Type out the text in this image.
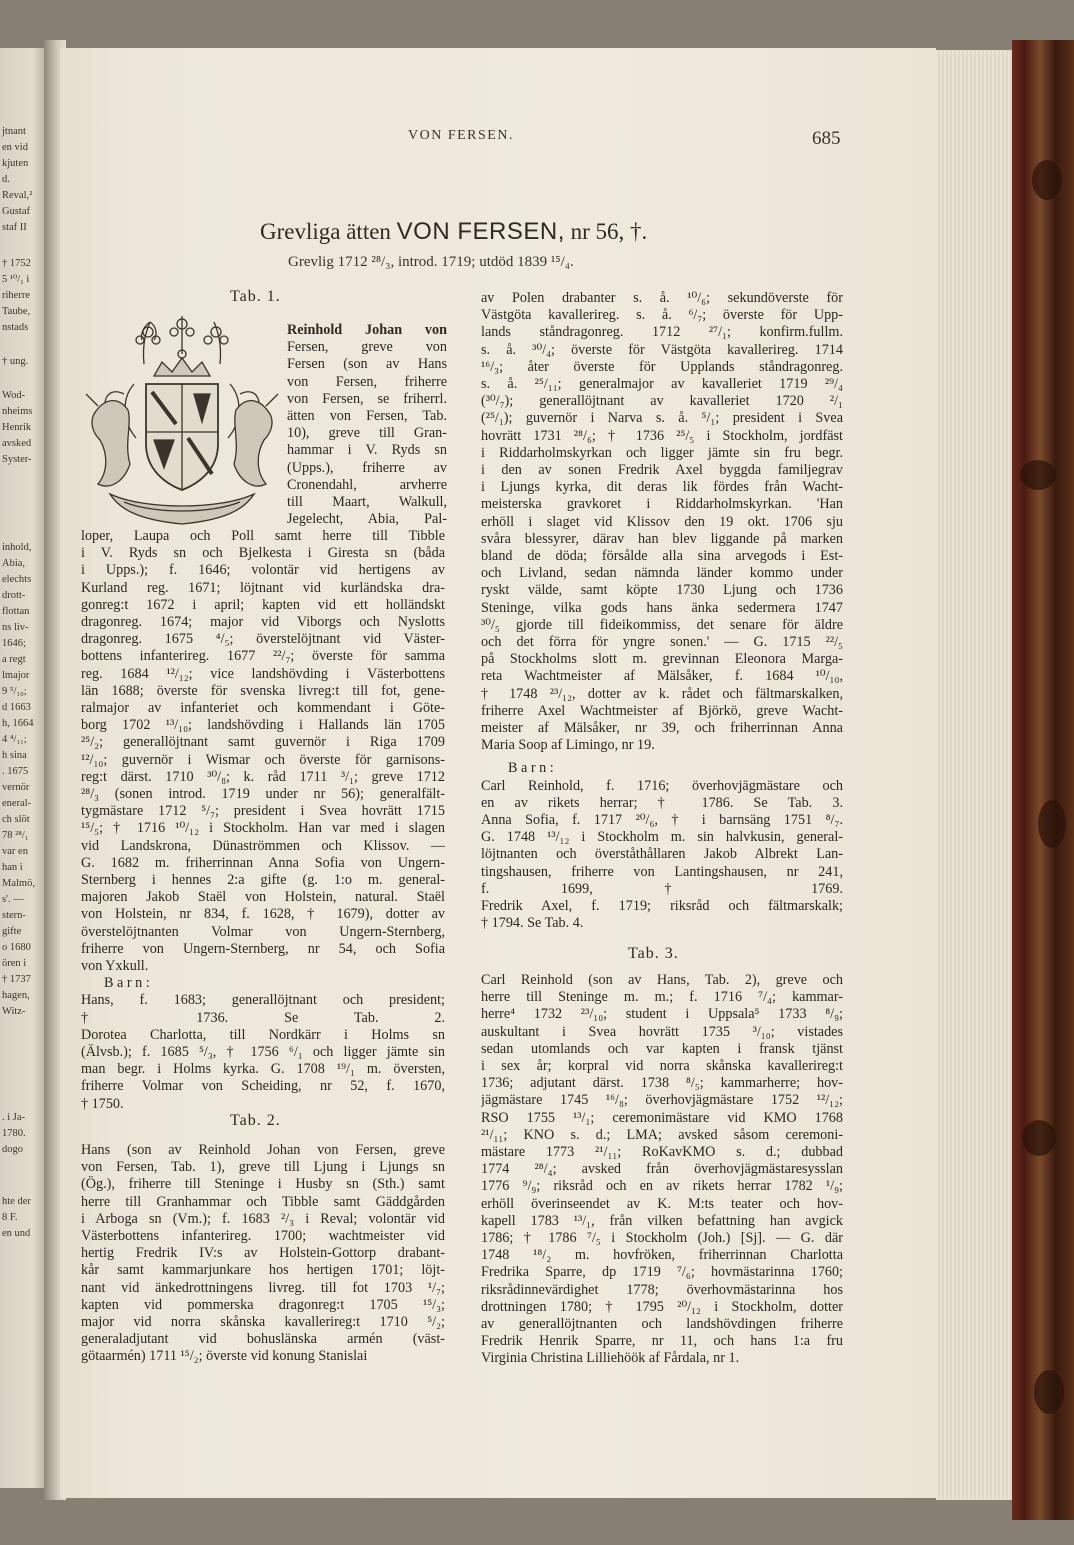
jtnant
en vid
kjuten
d.
Reval,²
Gustaf
staf II
† 1752
5 ¹⁰/₁ i
riherre
Taube,
nstads
† ung.
Wod-
nheims
Henrik
avsked
Syster-
inhold,
Abia,
elechts
drott-
flottan
ns liv-
1646;
a regt
lmajor
9 ⁵/₁₀;
d 1663
h, 1664
4 ⁴/₁₁;
h sina
. 1675
vernör
eneral-
ch slöt
78 ²⁸/₁
var en
han i
Malmö,
s'. —
stern-
gifte
o 1680
ören i
† 1737
hagen,
Witz-
. i Ja-
1780.
dogo
hte der
8 F.
en und
VON FERSEN.	685
Grevliga ätten VON FERSEN, nr 56, †.
Grevlig 1712 ²⁸/₃, introd. 1719; utdöd 1839 ¹⁵/₄.
Tab. 1.
Reinhold Johan von
Fersen, greve von
Fersen (son av Hans
von Fersen, friherre
von Fersen, se friherrl.
ätten von Fersen, Tab.
10), greve till Gran-
hammar i V. Ryds sn
(Upps.), friherre av
Cronendahl, arvherre
till Maart, Walkull,
Jegelecht, Abia, Pal-
loper, Laupa och Poll samt herre till Tibble
i V. Ryds sn och Bjelkesta i Giresta sn (båda
i Upps.); f. 1646; volontär vid hertigens av
Kurland reg. 1671; löjtnant vid kurländska dra-
gonreg:t 1672 i april; kapten vid ett holländskt
dragonreg. 1674; major vid Viborgs och Nyslotts
dragonreg. 1675 ⁴/₅; överstelöjtnant vid Väster-
bottens infanterireg. 1677 ²²/₇; överste för samma
reg. 1684 ¹²/₁₂; vice landshövding i Västerbottens
län 1688; överste för svenska livreg:t till fot, gene-
ralmajor av infanteriet och kommendant i Göte-
borg 1702 ¹³/₁₀; landshövding i Hallands län 1705
²⁵/₂; generallöjtnant samt guvernör i Riga 1709
¹²/₁₀; guvernör i Wismar och överste för garnisons-
reg:t därst. 1710 ³⁰/₈; k. råd 1711 ³/₁; greve 1712
²⁸/₃ (sonen introd. 1719 under nr 56); generalfält-
tygmästare 1712 ⁵/₇; president i Svea hovrätt 1715
¹⁵/₅; † 1716 ¹⁰/₁₂ i Stockholm. Han var med i slagen
vid Landskrona, Dünaströmmen och Klissov. —
G. 1682 m. friherrinnan Anna Sofia von Ungern-
Sternberg i hennes 2:a gifte (g. 1:o m. general-
majoren Jakob Staël von Holstein, natural. Staël
von Holstein, nr 834, f. 1628, † 1679), dotter av
överstelöjtnanten Volmar von Ungern-Sternberg,
friherre von Ungern-Sternberg, nr 54, och Sofia
von Yxkull.
B a r n :
Hans, f. 1683; generallöjtnant och president;
† 1736. Se Tab. 2.
Dorotea Charlotta, till Nordkärr i Holms sn
(Älvsb.); f. 1685 ⁵/₃, † 1756 ⁶/₁ och ligger jämte sin
man begr. i Holms kyrka. G. 1708 ¹⁹/₁ m. översten,
friherre Volmar von Scheiding, nr 52, f. 1670,
† 1750.
Tab. 2.
Hans (son av Reinhold Johan von Fersen, greve
von Fersen, Tab. 1), greve till Ljung i Ljungs sn
(Ög.), friherre till Steninge i Husby sn (Sth.) samt
herre till Granhammar och Tibble samt Gäddgården
i Arboga sn (Vm.); f. 1683 ²/₃ i Reval; volontär vid
Västerbottens infanterireg. 1700; wachtmeister vid
hertig Fredrik IV:s av Holstein-Gottorp drabant-
kår samt kammarjunkare hos hertigen 1701; löjt-
nant vid änkedrottningens livreg. till fot 1703 ¹/₇;
kapten vid pommerska dragonreg:t 1705 ¹⁵/₃;
major vid norra skånska kavallerireg:t 1710 ⁵/₂;
generaladjutant vid bohuslänska armén (väst-
götaarmén) 1711 ¹⁵/₂; överste vid konung Stanislai
av Polen drabanter s. å. ¹⁰/₆; sekundöverste för
Västgöta kavallerireg. s. å. ⁶/₇; överste för Upp-
lands ståndragonreg. 1712 ²⁷/₁; konfirm.fullm.
s. å. ³⁰/₄; överste för Västgöta kavallerireg. 1714
¹⁶/₃; åter överste för Upplands ståndragonreg.
s. å. ²⁵/₁₁; generalmajor av kavalleriet 1719 ²⁹/₄
(³⁰/₇); generallöjtnant av kavalleriet 1720 ²/₁
(²⁵/₁); guvernör i Narva s. å. ⁵/₁; president i Svea
hovrätt 1731 ²⁸/₆; † 1736 ²⁵/₅ i Stockholm, jordfäst
i Riddarholmskyrkan och ligger jämte sin fru begr.
i den av sonen Fredrik Axel byggda familjegrav
i Ljungs kyrka, dit deras lik fördes från Wacht-
meisterska gravkoret i Riddarholmskyrkan. 'Han
erhöll i slaget vid Klissov den 19 okt. 1706 sju
svåra blessyrer, därav han blev liggande på marken
bland de döda; försålde alla sina arvegods i Est-
och Livland, sedan nämnda länder kommo under
ryskt välde, samt köpte 1730 Ljung och 1736
Steninge, vilka gods hans änka sedermera 1747
³⁰/₅ gjorde till fideikommiss, det senare för äldre
och det förra för yngre sonen.' — G. 1715 ²²/₅
på Stockholms slott m. grevinnan Eleonora Marga-
reta Wachtmeister af Mälsåker, f. 1684 ¹⁰/₁₀,
† 1748 ²³/₁₂, dotter av k. rådet och fältmarskalken,
friherre Axel Wachtmeister af Björkö, greve Wacht-
meister af Mälsåker, nr 39, och friherrinnan Anna
Maria Soop af Limingo, nr 19.
B a r n :
Carl Reinhold, f. 1716; överhovjägmästare och
en av rikets herrar; † 1786. Se Tab. 3.
Anna Sofia, f. 1717 ²⁰/₆, † i barnsäng 1751 ⁸/₇.
G. 1748 ¹³/₁₂ i Stockholm m. sin halvkusin, general-
löjtnanten och överståthållaren Jakob Albrekt Lan-
tingshausen, friherre von Lantingshausen, nr 241,
f. 1699, † 1769.
Fredrik Axel, f. 1719; riksråd och fältmarskalk;
† 1794. Se Tab. 4.
Tab. 3.
Carl Reinhold (son av Hans, Tab. 2), greve och
herre till Steninge m. m.; f. 1716 ⁷/₄; kammar-
herre⁴ 1732 ²³/₁₀; student i Uppsala⁵ 1733 ⁸/₉;
auskultant i Svea hovrätt 1735 ³/₁₀; vistades
sedan utomlands och var kapten i fransk tjänst
i sex år; korpral vid norra skånska kavallerireg:t
1736; adjutant därst. 1738 ⁸/₅; kammarherre; hov-
jägmästare 1745 ¹⁶/₈; överhovjägmästare 1752 ¹²/₁₂;
RSO 1755 ¹³/₁; ceremonimästare vid KMO 1768
²¹/₁₁; KNO s. d.; LMA; avsked såsom ceremoni-
mästare 1773 ²¹/₁₁; RoKavKMO s. d.; dubbad
1774 ²⁸/₄; avsked från överhovjägmästaresysslan
1776 ⁹/₉; riksråd och en av rikets herrar 1782 ¹/₉;
erhöll överinseendet av K. M:ts teater och hov-
kapell 1783 ¹³/₁, från vilken befattning han avgick
1786; † 1786 ⁷/₅ i Stockholm (Joh.) [Sj]. — G. där
1748 ¹⁸/₂ m. hovfröken, friherrinnan Charlotta
Fredrika Sparre, dp 1719 ⁷/₆; hovmästarinna 1760;
riksrådinnevärdighet 1778; överhovmästarinna hos
drottningen 1780; † 1795 ²⁰/₁₂ i Stockholm, dotter
av generallöjtnanten och landshövdingen friherre
Fredrik Henrik Sparre, nr 11, och hans 1:a fru
Virginia Christina Lilliehöök af Fårdala, nr 1.
